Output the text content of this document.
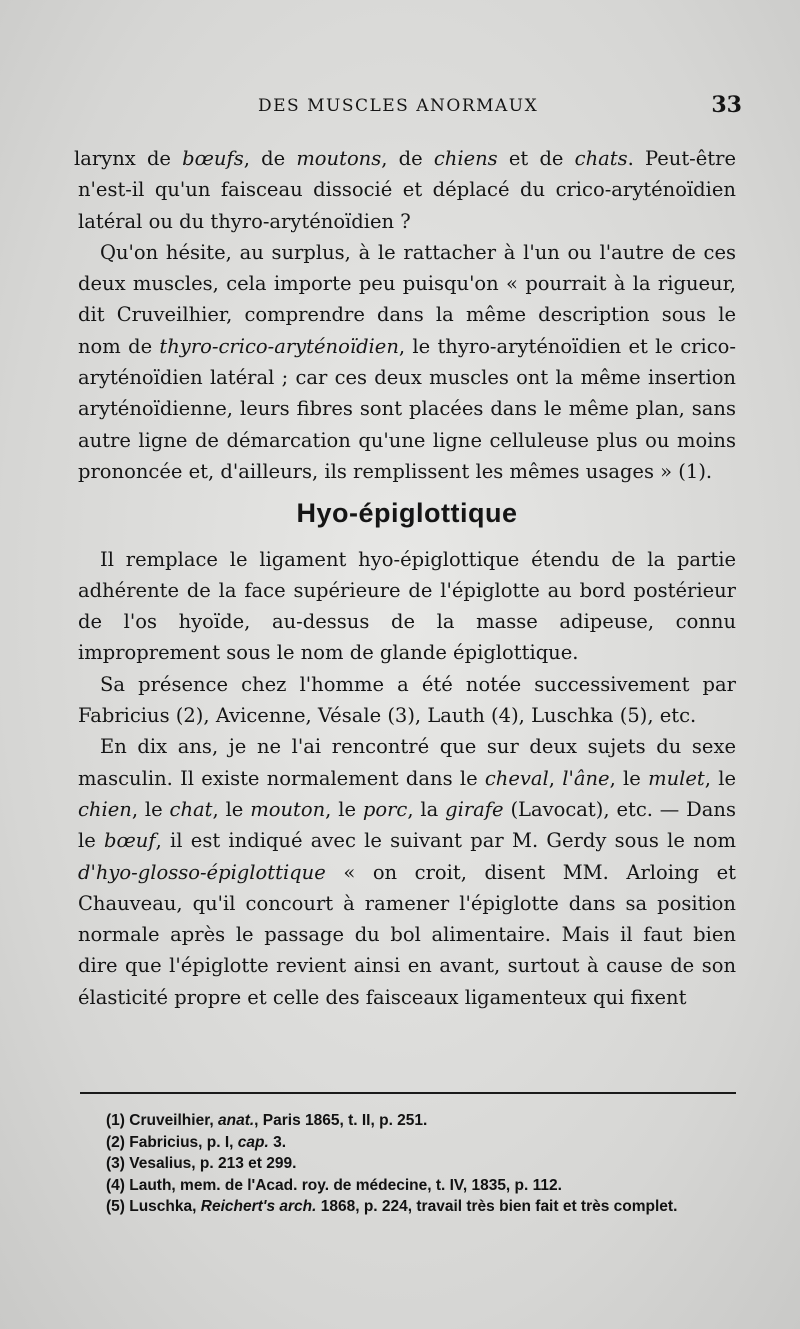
DES MUSCLES ANORMAUX	33

larynx de bœufs, de moutons, de chiens et de chats. Peut-être n'est-il qu'un faisceau dissocié et déplacé du crico-aryténoïdien latéral ou du thyro-aryténoïdien ?

Qu'on hésite, au surplus, à le rattacher à l'un ou l'autre de ces deux muscles, cela importe peu puisqu'on « pourrait à la rigueur, dit Cruveilhier, comprendre dans la même description sous le nom de thyro-crico-aryténoïdien, le thyro-aryténoïdien et le crico-aryténoïdien latéral ; car ces deux muscles ont la même insertion aryténoïdienne, leurs fibres sont placées dans le même plan, sans autre ligne de démarcation qu'une ligne celluleuse plus ou moins prononcée et, d'ailleurs, ils remplissent les mêmes usages » (1).

Hyo-épiglottique

Il remplace le ligament hyo-épiglottique étendu de la partie adhérente de la face supérieure de l'épiglotte au bord postérieur de l'os hyoïde, au-dessus de la masse adipeuse, connu improprement sous le nom de glande épiglottique.

Sa présence chez l'homme a été notée successivement par Fabricius (2), Avicenne, Vésale (3), Lauth (4), Luschka (5), etc.

En dix ans, je ne l'ai rencontré que sur deux sujets du sexe masculin. Il existe normalement dans le cheval, l'âne, le mulet, le chien, le chat, le mouton, le porc, la girafe (Lavocat), etc. — Dans le bœuf, il est indiqué avec le suivant par M. Gerdy sous le nom d'hyo-glosso-épiglottique « on croit, disent MM. Arloing et Chauveau, qu'il concourt à ramener l'épiglotte dans sa position normale après le passage du bol alimentaire. Mais il faut bien dire que l'épiglotte revient ainsi en avant, surtout à cause de son élasticité propre et celle des faisceaux ligamenteux qui fixent

(1) Cruveilhier, anat., Paris 1865, t. II, p. 251.
(2) Fabricius, p. I, cap. 3.
(3) Vesalius, p. 213 et 299.
(4) Lauth, mem. de l'Acad. roy. de médecine, t. IV, 1835, p. 112.
(5) Luschka, Reichert's arch. 1868, p. 224, travail très bien fait et très complet.
